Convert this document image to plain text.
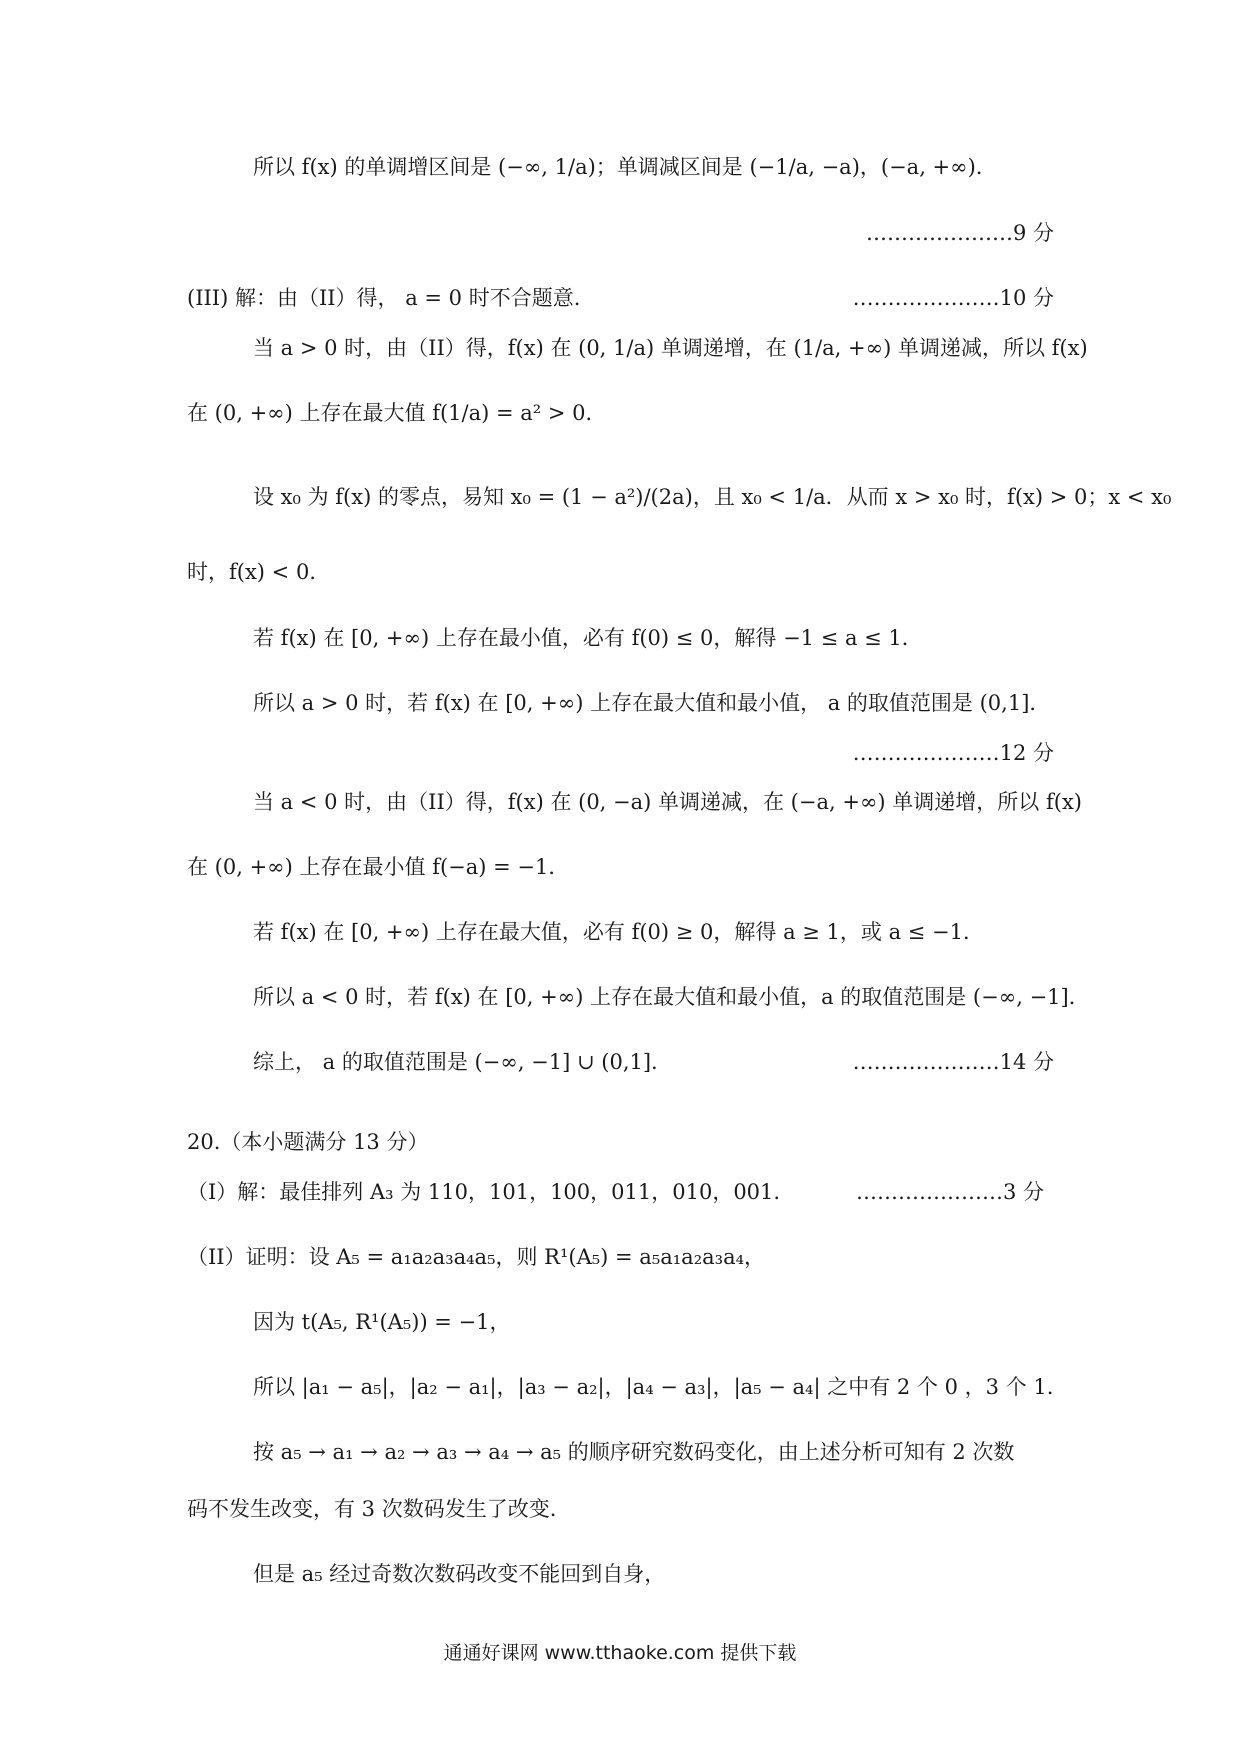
所以 f(x) 的单调增区间是 (−∞, 1/a)；单调减区间是 (−1/a, −a)，(−a, +∞)．
…………………9 分
(III) 解：由（II）得， a = 0 时不合题意.	…………………10 分
当 a > 0 时，由（II）得，f(x) 在 (0, 1/a) 单调递增，在 (1/a, +∞) 单调递减，所以 f(x)
在 (0, +∞) 上存在最大值 f(1/a) = a² > 0．
设 x₀ 为 f(x) 的零点，易知 x₀ = (1 − a²)/(2a)，且 x₀ < 1/a．从而 x > x₀ 时，f(x) > 0；x < x₀
时，f(x) < 0.
若 f(x) 在 [0, +∞) 上存在最小值，必有 f(0) ≤ 0，解得 −1 ≤ a ≤ 1．
所以 a > 0 时，若 f(x) 在 [0, +∞) 上存在最大值和最小值， a 的取值范围是 (0,1]．
…………………12 分
当 a < 0 时，由（II）得，f(x) 在 (0, −a) 单调递减，在 (−a, +∞) 单调递增，所以 f(x)
在 (0, +∞) 上存在最小值 f(−a) = −1．
若 f(x) 在 [0, +∞) 上存在最大值，必有 f(0) ≥ 0，解得 a ≥ 1，或 a ≤ −1．
所以 a < 0 时，若 f(x) 在 [0, +∞) 上存在最大值和最小值，a 的取值范围是 (−∞, −1]．
综上， a 的取值范围是 (−∞, −1] ∪ (0,1].	…………………14 分
20.（本小题满分 13 分）
（I）解：最佳排列 A₃ 为 110，101，100，011，010，001.	…………………3 分
（II）证明：设 A₅ = a₁a₂a₃a₄a₅，则 R¹(A₅) = a₅a₁a₂a₃a₄，
因为 t(A₅, R¹(A₅)) = −1，
所以 |a₁ − a₅|，|a₂ − a₁|，|a₃ − a₂|，|a₄ − a₃|，|a₅ − a₄| 之中有 2 个 0 ，3 个 1.
按 a₅ → a₁ → a₂ → a₃ → a₄ → a₅ 的顺序研究数码变化，由上述分析可知有 2 次数
码不发生改变，有 3 次数码发生了改变.
但是 a₅ 经过奇数次数码改变不能回到自身，
通通好课网 www.tthaoke.com 提供下载
